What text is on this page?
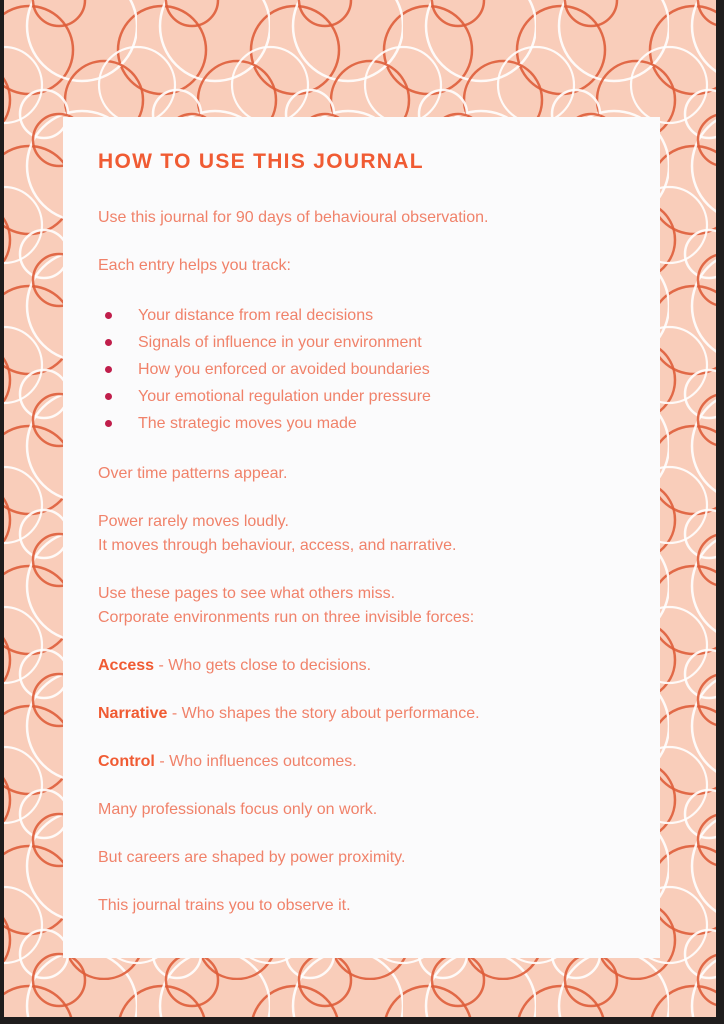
HOW TO USE THIS JOURNAL

Use this journal for 90 days of behavioural observation.

Each entry helps you track:

Your distance from real decisions
Signals of influence in your environment
How you enforced or avoided boundaries
Your emotional regulation under pressure
The strategic moves you made

Over time patterns appear.

Power rarely moves loudly.
It moves through behaviour, access, and narrative.

Use these pages to see what others miss.
Corporate environments run on three invisible forces:

Access - Who gets close to decisions.

Narrative - Who shapes the story about performance.

Control - Who influences outcomes.

Many professionals focus only on work.

But careers are shaped by power proximity.

This journal trains you to observe it.
